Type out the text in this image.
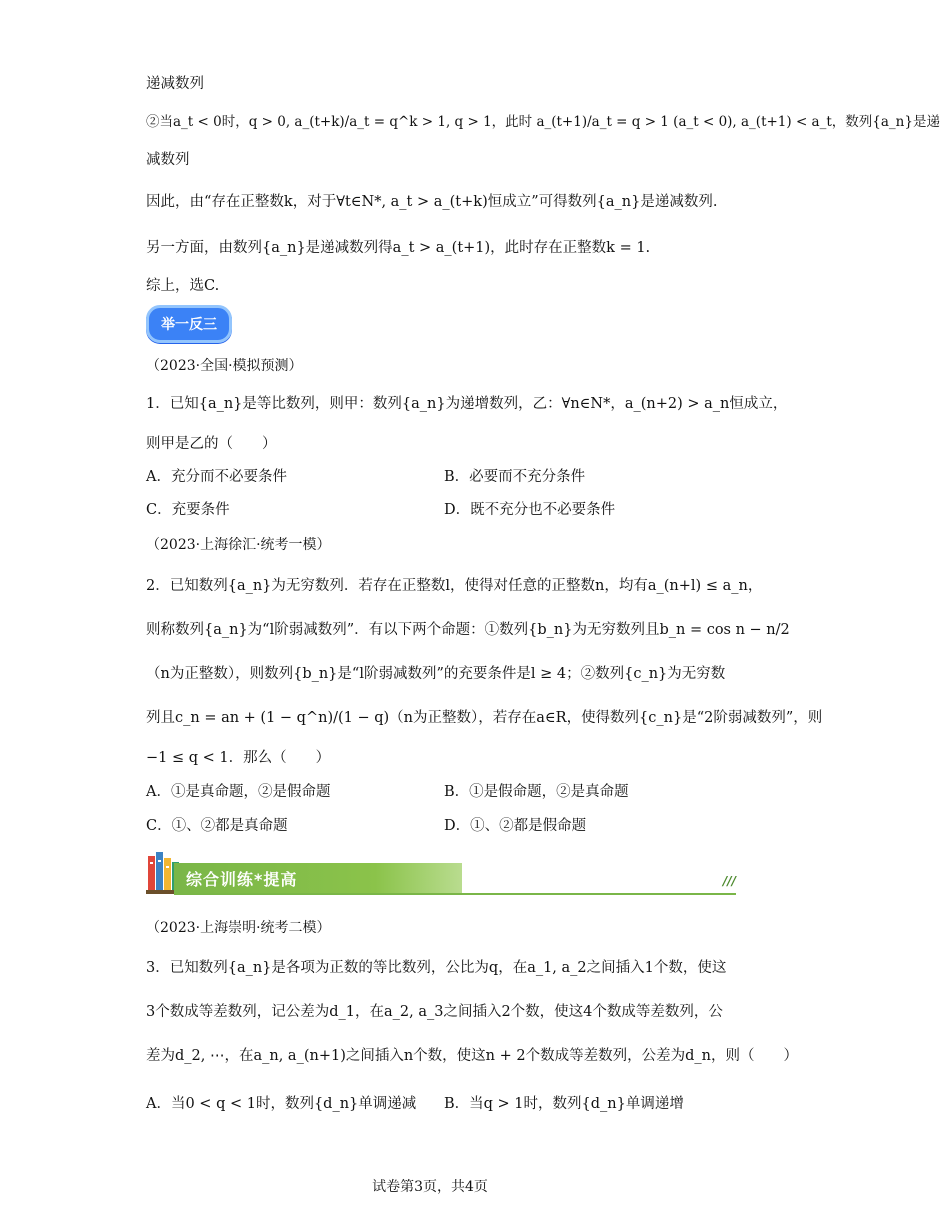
递减数列
②当a_t < 0时，q > 0, a_(t+k)/a_t = q^k > 1, q > 1，此时 a_(t+1)/a_t = q > 1 (a_t < 0), a_(t+1) < a_t，数列{a_n}是递
减数列
因此，由“存在正整数k，对于∀t∈N*, a_t > a_(t+k)恒成立”可得数列{a_n}是递减数列.
另一方面，由数列{a_n}是递减数列得a_t > a_(t+1)，此时存在正整数k = 1.
综上，选C.
举一反三
（2023·全国·模拟预测）
1．已知{a_n}是等比数列，则甲：数列{a_n}为递增数列，乙：∀n∈N*，a_(n+2) > a_n恒成立，
则甲是乙的（　　）
A．充分而不必要条件	B．必要而不充分条件
C．充要条件	D．既不充分也不必要条件
（2023·上海徐汇·统考一模）
2．已知数列{a_n}为无穷数列．若存在正整数l，使得对任意的正整数n，均有a_(n+l) ≤ a_n，
则称数列{a_n}为“l阶弱减数列”．有以下两个命题：①数列{b_n}为无穷数列且b_n = cos n − n/2
（n为正整数），则数列{b_n}是“l阶弱减数列”的充要条件是l ≥ 4；②数列{c_n}为无穷数
列且c_n = an + (1 − q^n)/(1 − q)（n为正整数），若存在a∈R，使得数列{c_n}是“2阶弱减数列”，则
−1 ≤ q < 1．那么（　　）
A．①是真命题，②是假命题	B．①是假命题，②是真命题
C．①、②都是真命题	D．①、②都是假命题
综合训练*提高	///
（2023·上海崇明·统考二模）
3．已知数列{a_n}是各项为正数的等比数列，公比为q，在a_1, a_2之间插入1个数，使这
3个数成等差数列，记公差为d_1，在a_2, a_3之间插入2个数，使这4个数成等差数列，公
差为d_2, ⋯，在a_n, a_(n+1)之间插入n个数，使这n + 2个数成等差数列，公差为d_n，则（　　）
A．当0 < q < 1时，数列{d_n}单调递减 B．当q > 1时，数列{d_n}单调递增
试卷第3页，共4页
